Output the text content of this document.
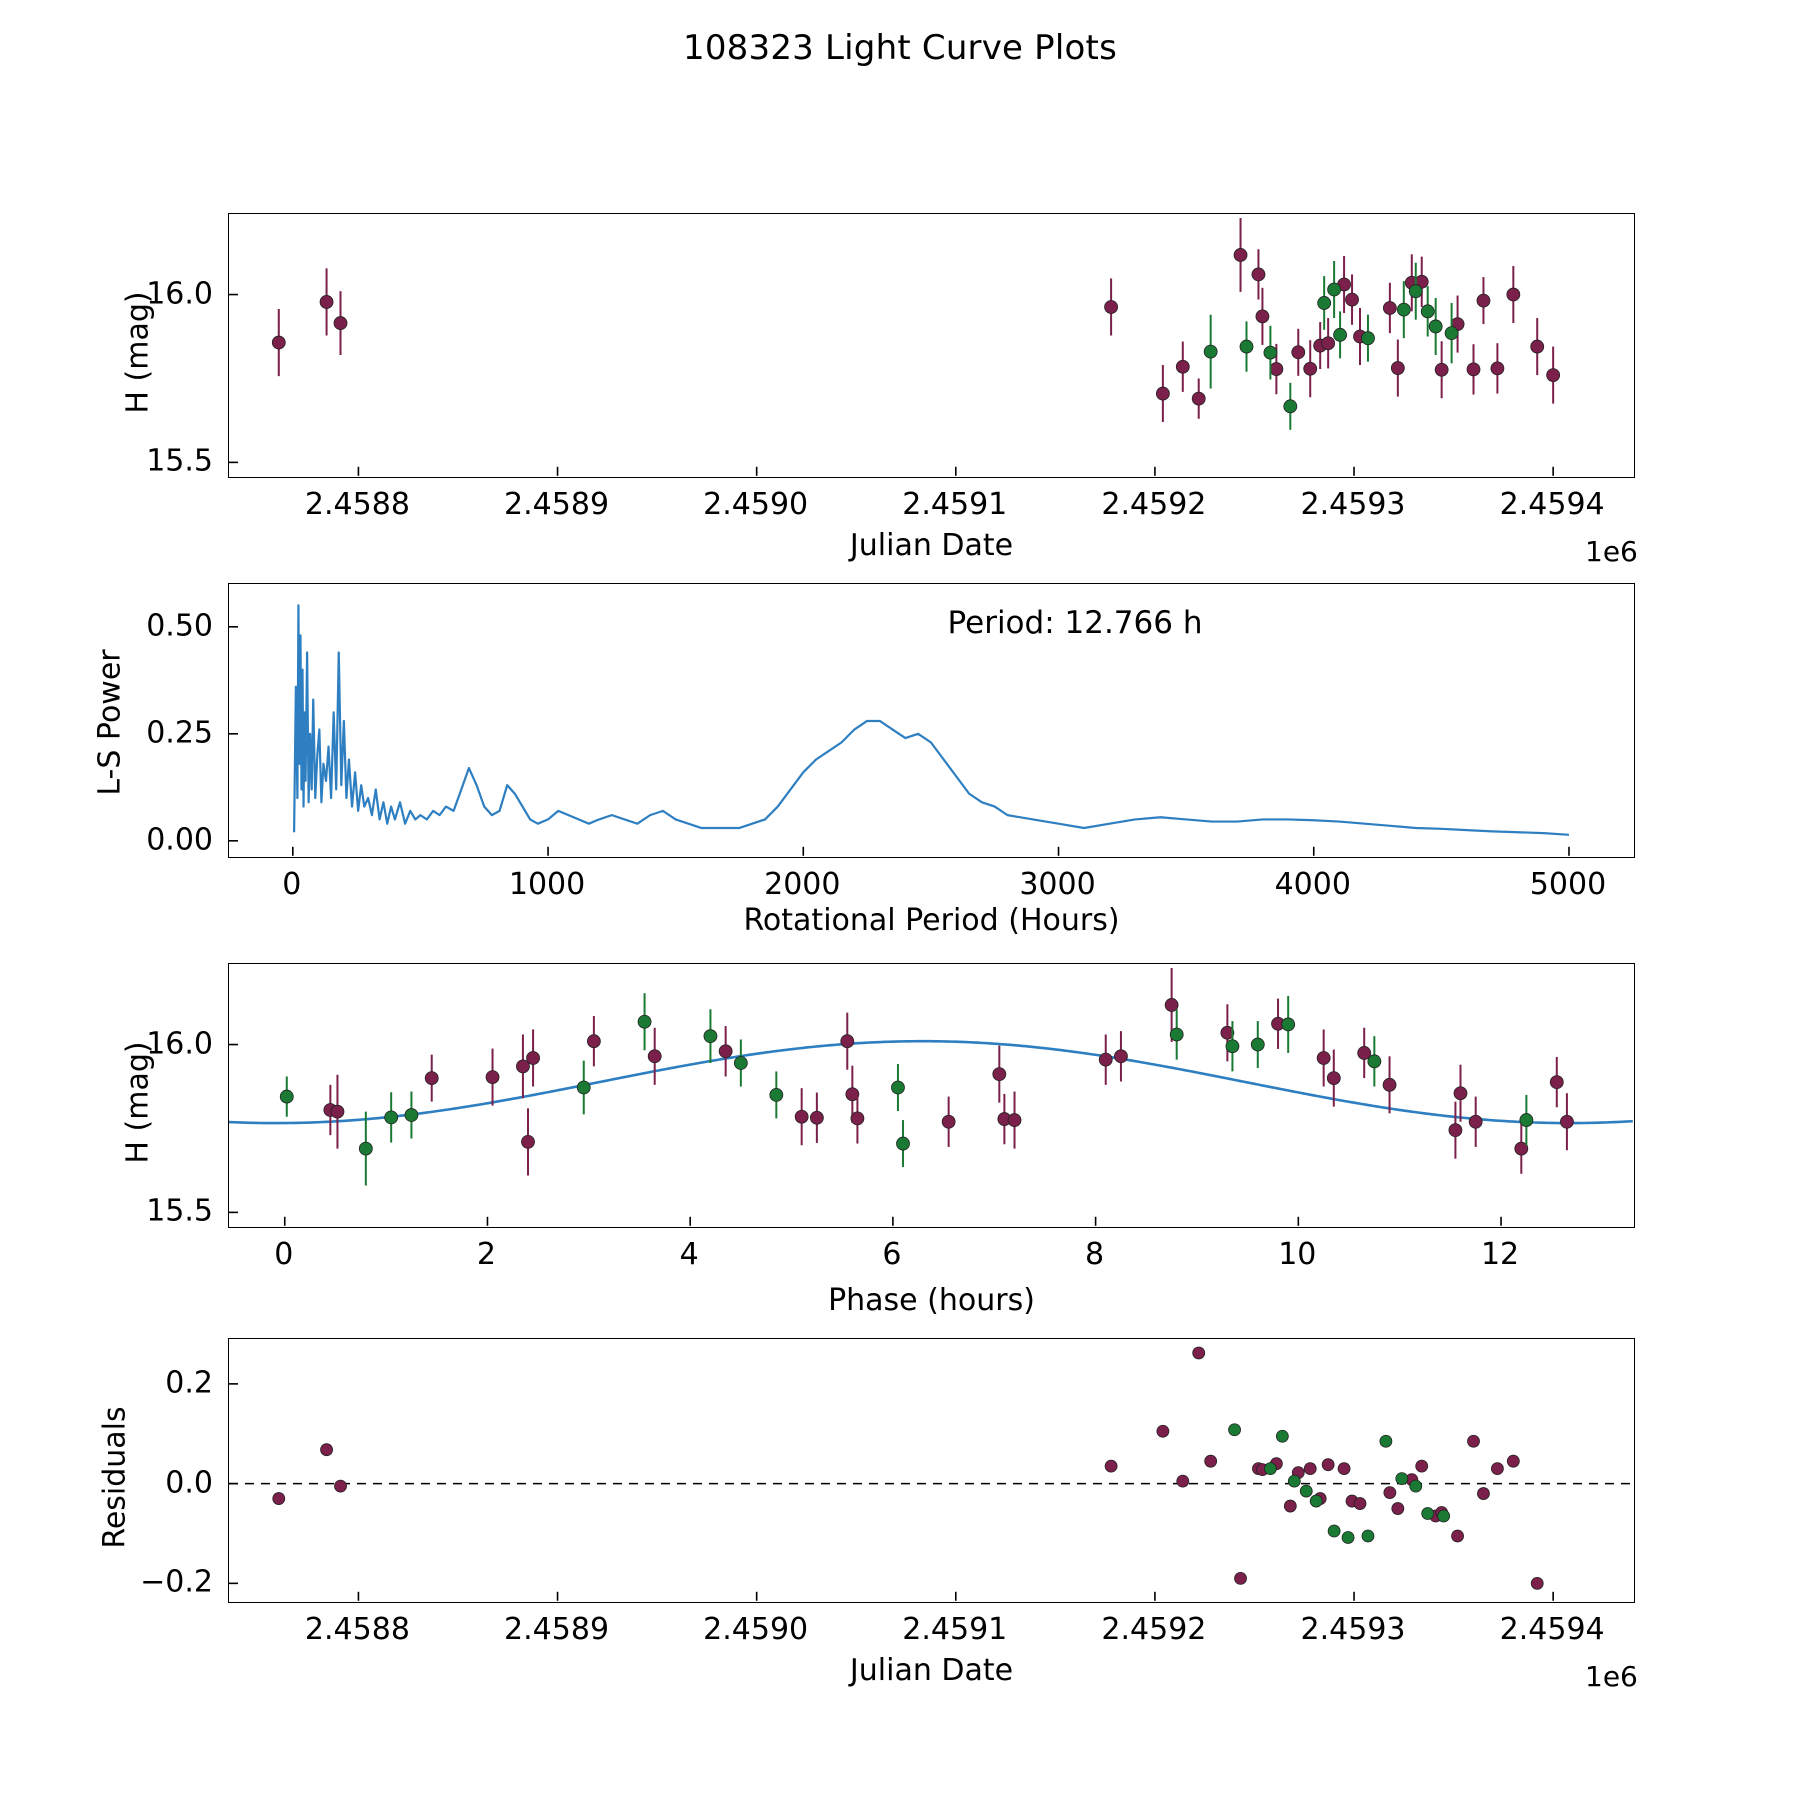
108323 Light Curve Plots
H (mag)
Julian Date	1e6
Period: 12.766 h
L-S Power
Rotational Period (Hours)
H (mag)
Phase (hours)
Residuals
Julian Date	1e6
2.4588	2.4589	2.4590	2.4591	2.4592	2.4593	2.4594
15.5
16.0
0	1000	2000	3000	4000	5000
0.00
0.25
0.50
0	2	4	6	8	10	12
15.5
16.0
2.4588	2.4589	2.4590	2.4591	2.4592	2.4593	2.4594
−0.2
0.0
0.2
